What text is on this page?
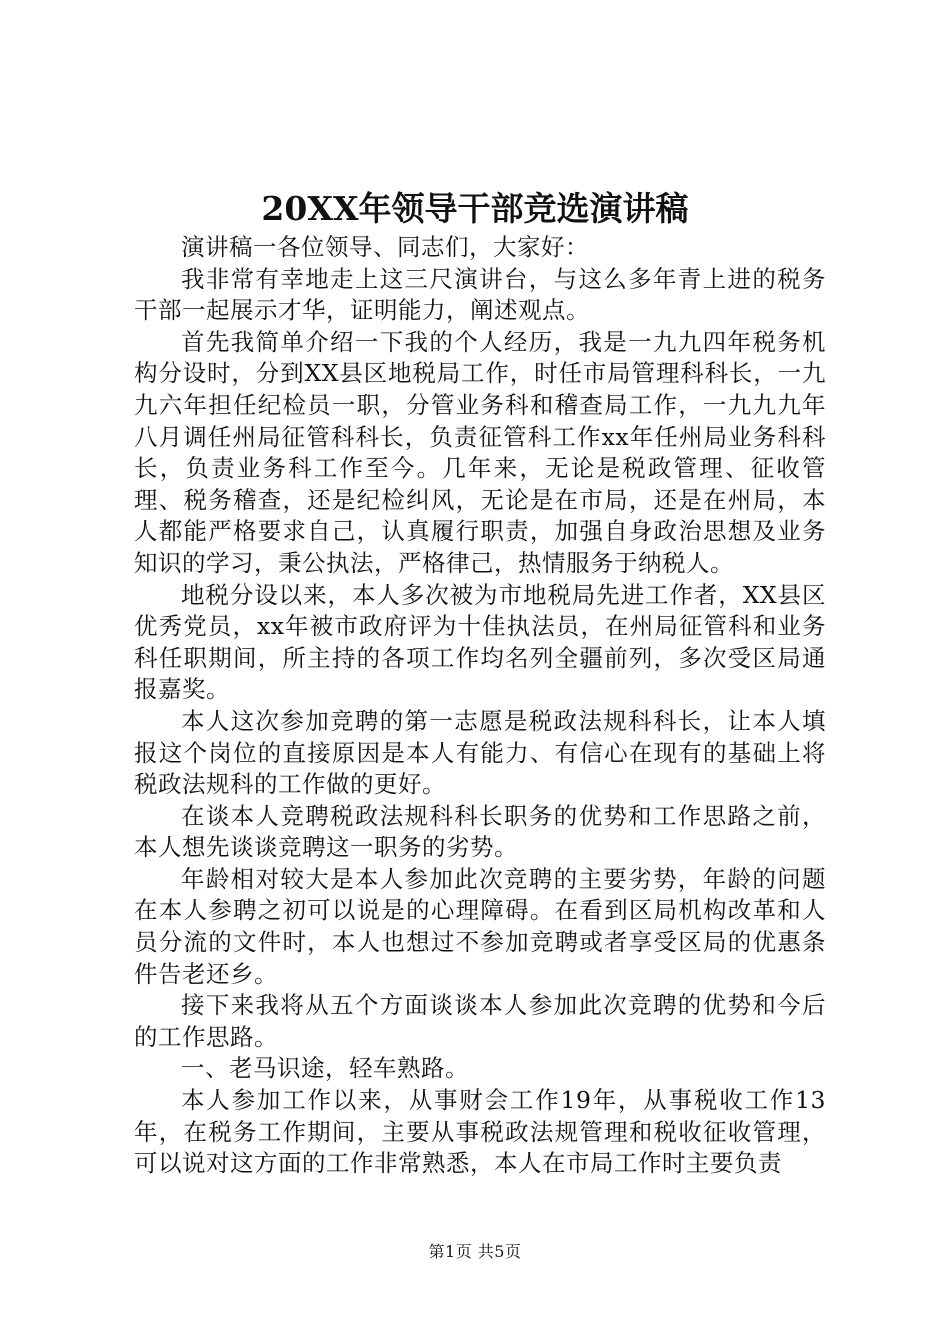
20XX年领导干部竞选演讲稿

演讲稿一各位领导、同志们，大家好：

我非常有幸地走上这三尺演讲台，与这么多年青上进的税务干部一起展示才华，证明能力，阐述观点。

首先我简单介绍一下我的个人经历，我是一九九四年税务机构分设时，分到XX县区地税局工作，时任市局管理科科长，一九九六年担任纪检员一职，分管业务科和稽查局工作，一九九九年八月调任州局征管科科长，负责征管科工作xx年任州局业务科科长，负责业务科工作至今。几年来，无论是税政管理、征收管理、税务稽查，还是纪检纠风，无论是在市局，还是在州局，本人都能严格要求自己，认真履行职责，加强自身政治思想及业务知识的学习，秉公执法，严格律己，热情服务于纳税人。

地税分设以来，本人多次被为市地税局先进工作者，XX县区优秀党员，xx年被市政府评为十佳执法员，在州局征管科和业务科任职期间，所主持的各项工作均名列全疆前列，多次受区局通报嘉奖。

本人这次参加竞聘的第一志愿是税政法规科科长，让本人填报这个岗位的直接原因是本人有能力、有信心在现有的基础上将税政法规科的工作做的更好。

在谈本人竞聘税政法规科科长职务的优势和工作思路之前，本人想先谈谈竞聘这一职务的劣势。

年龄相对较大是本人参加此次竞聘的主要劣势，年龄的问题在本人参聘之初可以说是的心理障碍。在看到区局机构改革和人员分流的文件时，本人也想过不参加竞聘或者享受区局的优惠条件告老还乡。

接下来我将从五个方面谈谈本人参加此次竞聘的优势和今后的工作思路。

一、老马识途，轻车熟路。

本人参加工作以来，从事财会工作19年，从事税收工作13年，在税务工作期间，主要从事税政法规管理和税收征收管理，可以说对这方面的工作非常熟悉，本人在市局工作时主要负责

第1页 共5页
